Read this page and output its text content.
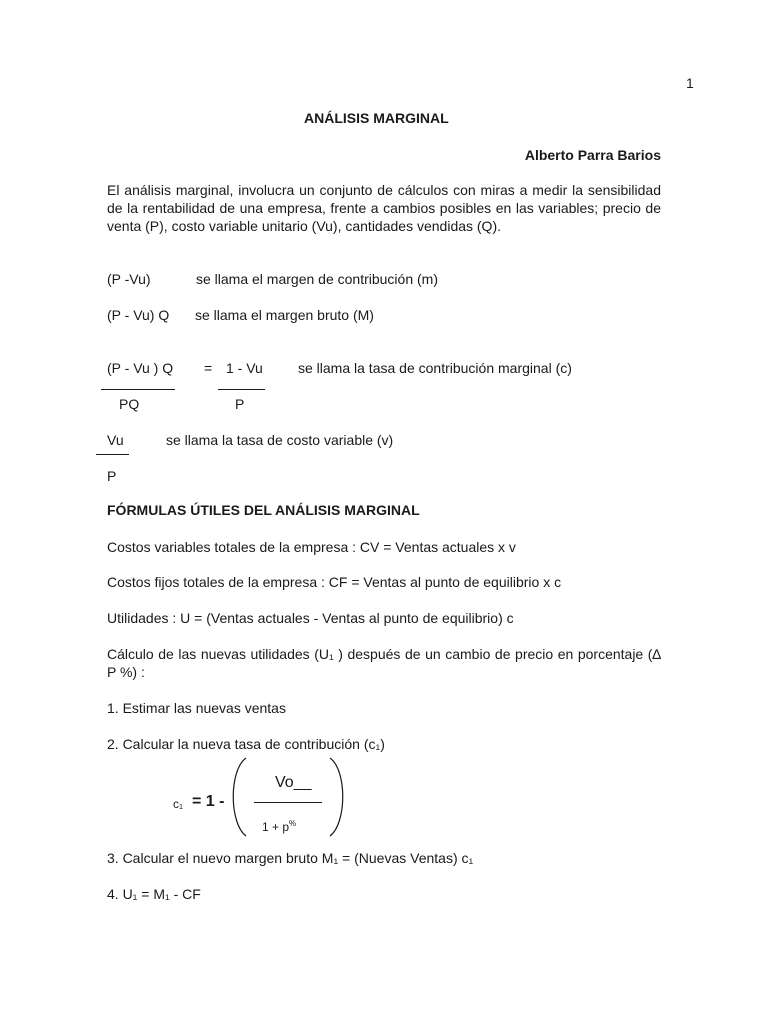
1
ANÁLISIS MARGINAL
Alberto Parra Barios
El análisis marginal, involucra un conjunto de cálculos con miras a medir la sensibilidad de la rentabilidad de una empresa, frente a cambios posibles en las variables; precio de venta (P), costo variable unitario (Vu), cantidades vendidas (Q).
(P -Vu)	se llama el margen de contribución (m)
(P - Vu) Q se llama el margen bruto (M)
(P - Vu ) Q
PQ
= 1 - Vu
P
se llama la tasa de contribución marginal (c)
Vu
P
se llama la tasa de costo variable (v)
FÓRMULAS ÚTILES DEL ANÁLISIS MARGINAL
Costos variables totales de la empresa : CV = Ventas actuales x v
Costos fijos totales de la empresa : CF = Ventas al punto de equilibrio x c
Utilidades : U = (Ventas actuales - Ventas al punto de equilibrio) c
Cálculo de las nuevas utilidades (U₁ ) después de un cambio de precio en porcentaje (∆ P %) :
1. Estimar las nuevas ventas
2. Calcular la nueva tasa de contribución (c₁)
c₁ = 1 -
Vo__
1 + p%
3. Calcular el nuevo margen bruto M₁ = (Nuevas Ventas) c₁
4. U₁ = M₁ - CF
